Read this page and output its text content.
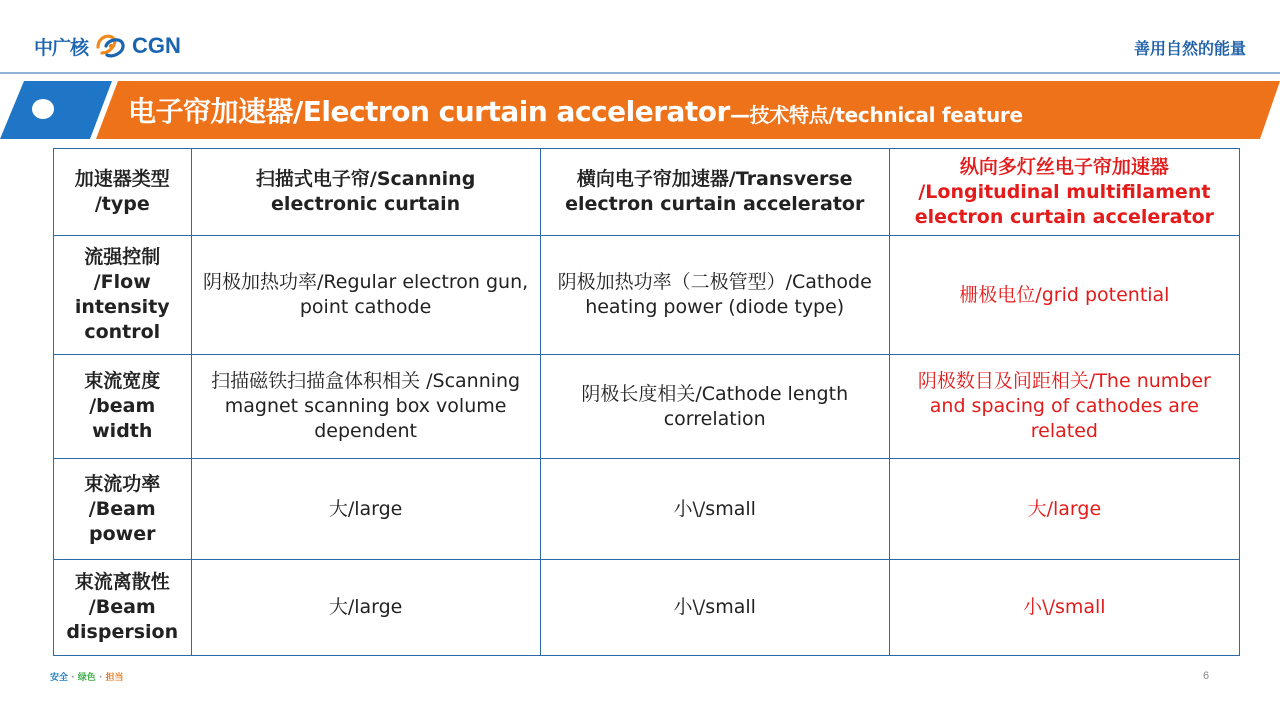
中广核 CGN	善用自然的能量
电子帘加速器/Electron curtain accelerator —技术特点/technical feature
加速器类型 /type	扫描式电子帘/Scanning electronic curtain	横向电子帘加速器/Transverse electron curtain accelerator	纵向多灯丝电子帘加速器 /Longitudinal multifilament electron curtain accelerator
流强控制 /Flow intensity control	阴极加热功率/Regular electron gun, point cathode	阴极加热功率（二极管型）/Cathode heating power (diode type)	栅极电位/grid potential
束流宽度 /beam width	扫描磁铁扫描盒体积相关 /Scanning magnet scanning box volume dependent	阴极长度相关/Cathode length correlation	阴极数目及间距相关/The number and spacing of cathodes are related
束流功率 /Beam power	大/large	小\/small	大/large
束流离散性 /Beam dispersion	大/large	小\/small	小\/small
安全 · 绿色 · 担当	6
